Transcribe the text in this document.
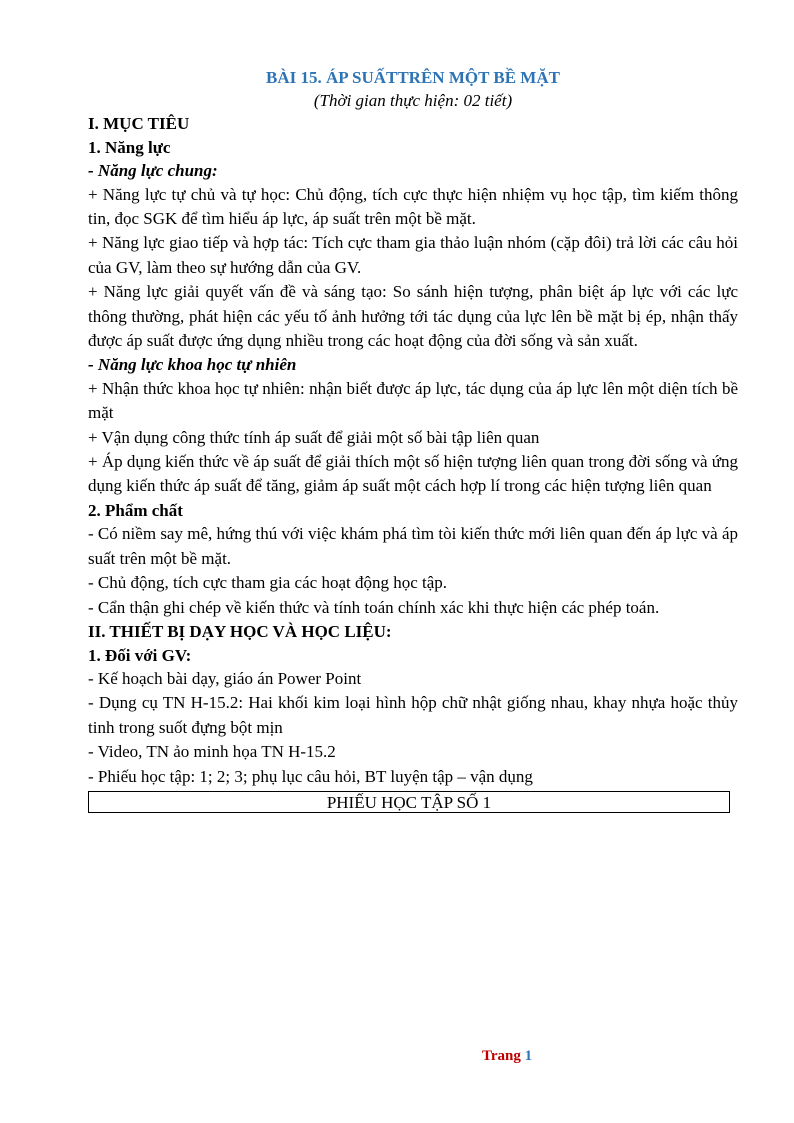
BÀI 15. ÁP SUẤTTRÊN MỘT BỀ MẶT

(Thời gian thực hiện: 02 tiết)

I. MỤC TIÊU

1. Năng lực

- Năng lực chung:

+ Năng lực tự chủ và tự học: Chủ động, tích cực thực hiện nhiệm vụ học tập, tìm kiếm thông tin, đọc SGK để tìm hiểu áp lực, áp suất trên một bề mặt.

+ Năng lực giao tiếp và hợp tác: Tích cực tham gia thảo luận nhóm (cặp đôi) trả lời các câu hỏi của GV, làm theo sự hướng dẫn của GV.

+ Năng lực giải quyết vấn đề và sáng tạo: So sánh hiện tượng, phân biệt áp lực với các lực thông thường, phát hiện các yếu tố ảnh hưởng tới tác dụng của lực lên bề mặt bị ép, nhận thấy được áp suất được ứng dụng nhiều trong các hoạt động của đời sống và sản xuất.

- Năng lực khoa học tự nhiên

+ Nhận thức khoa học tự nhiên: nhận biết được áp lực, tác dụng của áp lực lên một diện tích bề mặt

+ Vận dụng công thức tính áp suất để giải một số bài tập liên quan

+ Áp dụng kiến thức về áp suất để giải thích một số hiện tượng liên quan trong đời sống và ứng dụng kiến thức áp suất để tăng, giảm áp suất một cách hợp lí trong các hiện tượng liên quan

2. Phẩm chất

- Có niềm say mê, hứng thú với việc khám phá tìm tòi kiến thức mới liên quan đến áp lực và áp suất trên một bề mặt.

- Chủ động, tích cực tham gia các hoạt động học tập.

- Cẩn thận ghi chép về kiến thức và tính toán chính xác khi thực hiện các phép toán.

II. THIẾT BỊ DẠY HỌC VÀ HỌC LIỆU:

1. Đối với GV:

- Kế hoạch bài dạy, giáo án Power Point

- Dụng cụ TN H-15.2: Hai khối kim loại hình hộp chữ nhật giống nhau, khay nhựa hoặc thủy tinh trong suốt đựng bột mịn

- Video, TN ảo minh họa TN H-15.2

- Phiếu học tập: 1; 2; 3; phụ lục câu hỏi, BT luyện tập – vận dụng

PHIẾU HỌC TẬP SỐ 1
Trang 1
